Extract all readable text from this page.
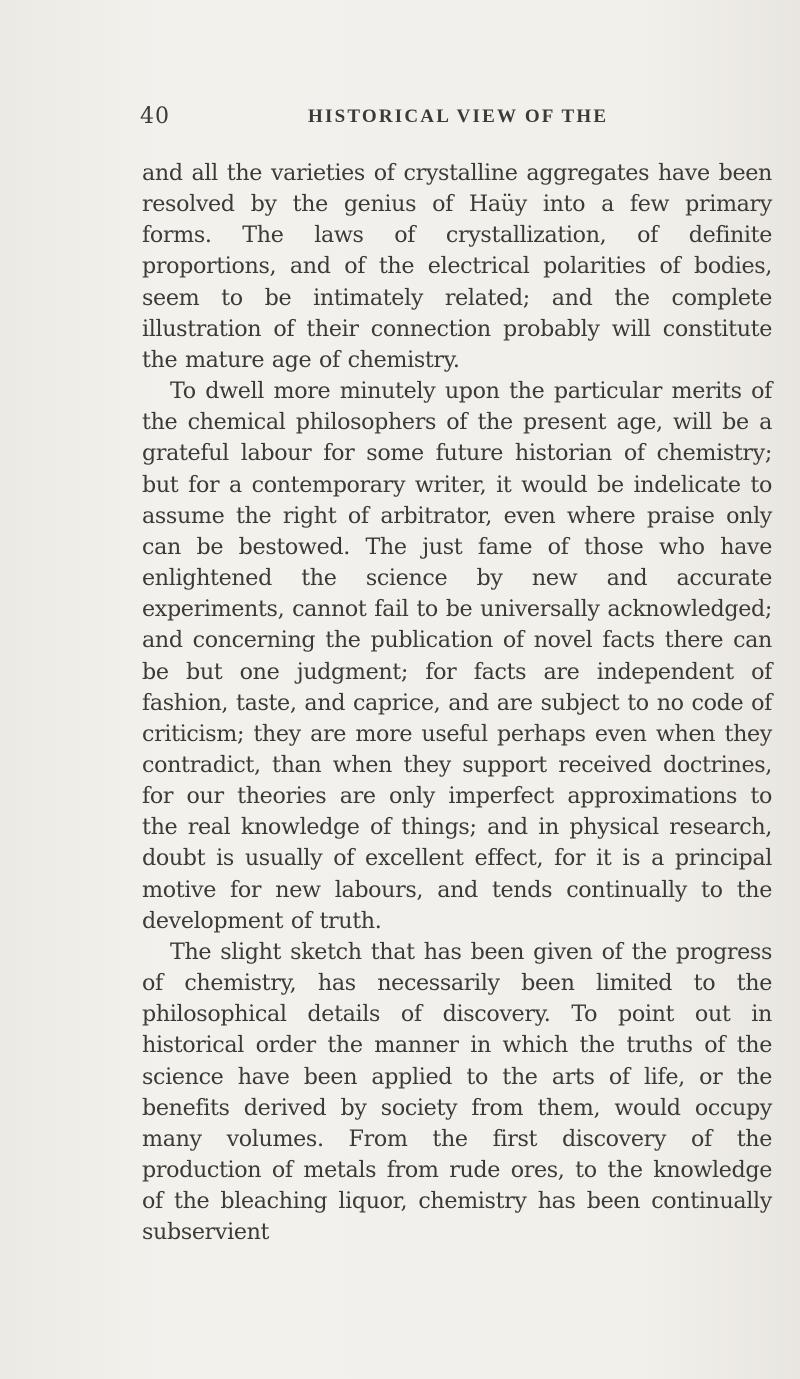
40	HISTORICAL VIEW OF THE

and all the varieties of crystalline aggregates have been resolved by the genius of Haüy into a few primary forms. The laws of crystallization, of definite proportions, and of the electrical polarities of bodies, seem to be intimately related; and the complete illustration of their connection probably will constitute the mature age of chemistry.

To dwell more minutely upon the particular merits of the chemical philosophers of the present age, will be a grateful labour for some future historian of chemistry; but for a contemporary writer, it would be indelicate to assume the right of arbitrator, even where praise only can be bestowed. The just fame of those who have enlightened the science by new and accurate experiments, cannot fail to be universally acknowledged; and concerning the publication of novel facts there can be but one judgment; for facts are independent of fashion, taste, and caprice, and are subject to no code of criticism; they are more useful perhaps even when they contradict, than when they support received doctrines, for our theories are only imperfect approximations to the real knowledge of things; and in physical research, doubt is usually of excellent effect, for it is a principal motive for new labours, and tends continually to the development of truth.

The slight sketch that has been given of the progress of chemistry, has necessarily been limited to the philosophical details of discovery. To point out in historical order the manner in which the truths of the science have been applied to the arts of life, or the benefits derived by society from them, would occupy many volumes. From the first discovery of the production of metals from rude ores, to the knowledge of the bleaching liquor, chemistry has been continually subservient
